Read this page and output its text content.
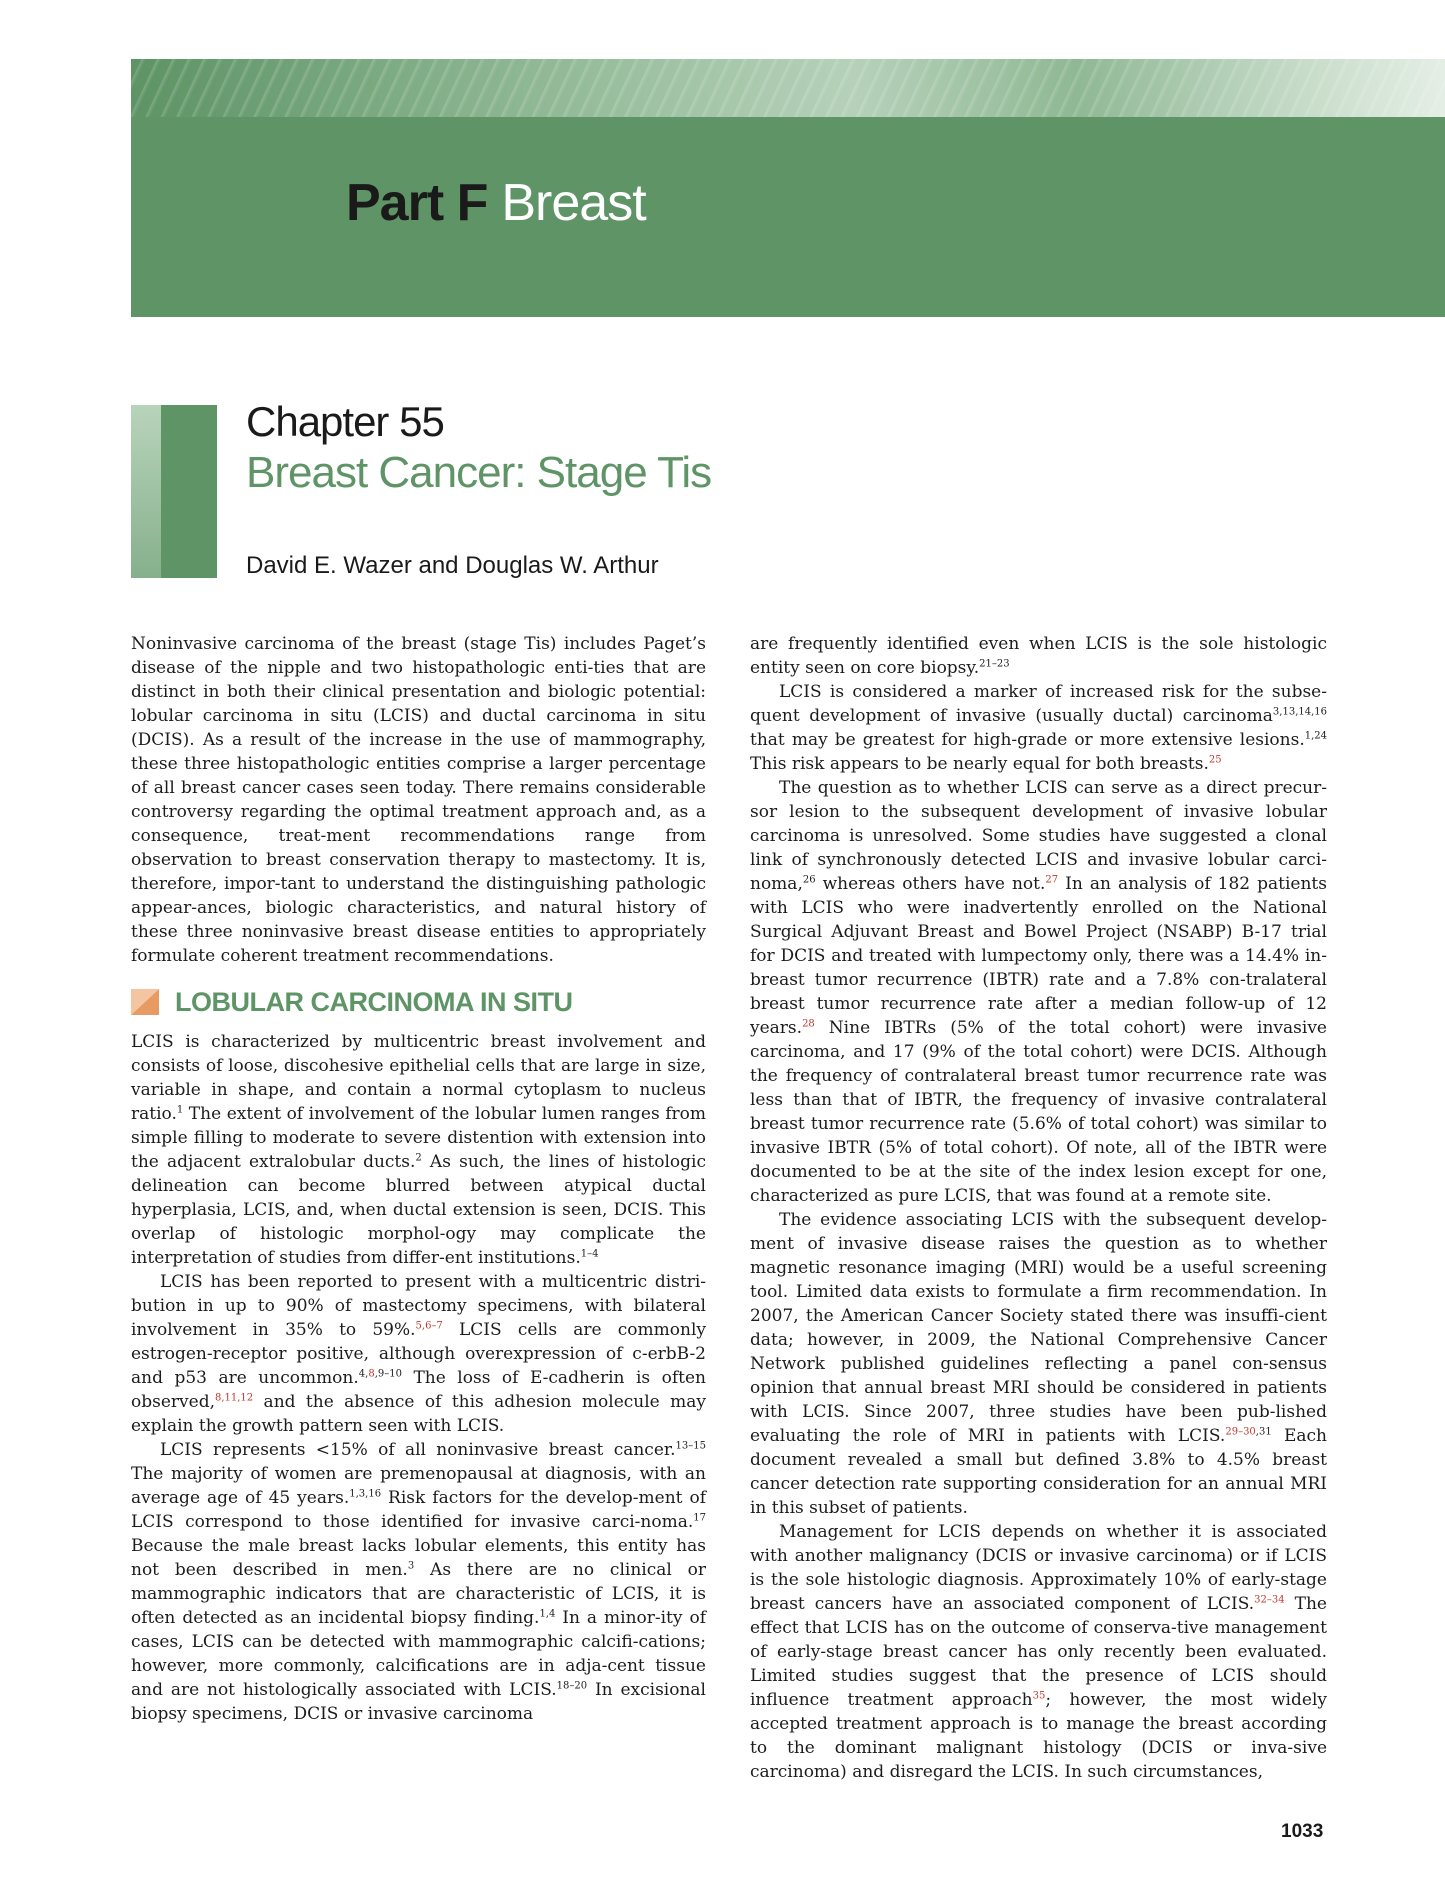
Part F Breast
Chapter 55
Breast Cancer: Stage Tis
David E. Wazer and Douglas W. Arthur

Noninvasive carcinoma of the breast (stage Tis) includes Paget’s disease of the nipple and two histopathologic enti-ties that are distinct in both their clinical presentation and biologic potential: lobular carcinoma in situ (LCIS) and ductal carcinoma in situ (DCIS). As a result of the increase in the use of mammography, these three histopathologic entities comprise a larger percentage of all breast cancer cases seen today. There remains considerable controversy regarding the optimal treatment approach and, as a consequence, treat-ment recommendations range from observation to breast conservation therapy to mastectomy. It is, therefore, impor-tant to understand the distinguishing pathologic appear-ances, biologic characteristics, and natural history of these three noninvasive breast disease entities to appropriately formulate coherent treatment recommendations.

LOBULAR CARCINOMA IN SITU

LCIS is characterized by multicentric breast involvement and consists of loose, discohesive epithelial cells that are large in size, variable in shape, and contain a normal cytoplasm to nucleus ratio.$^1$ The extent of involvement of the lobular lumen ranges from simple filling to moderate to severe distention with extension into the adjacent extralobular ducts.$^2$ As such, the lines of histologic delineation can become blurred between atypical ductal hyperplasia, LCIS, and, when ductal extension is seen, DCIS. This overlap of histologic morphol-ogy may complicate the interpretation of studies from differ-ent institutions.$^{1-4}$

LCIS has been reported to present with a multicentric distri-bution in up to 90% of mastectomy specimens, with bilateral involvement in 35% to 59%.$^{5,6-7}$ LCIS cells are commonly estrogen-receptor positive, although overexpression of c-erbB-2 and p53 are uncommon.$^{4,8,9-10}$ The loss of E-cadherin is often observed,$^{8,11,12}$ and the absence of this adhesion molecule may explain the growth pattern seen with LCIS.

LCIS represents <15% of all noninvasive breast cancer.$^{13-15}$ The majority of women are premenopausal at diagnosis, with an average age of 45 years.$^{1,3,16}$ Risk factors for the develop-ment of LCIS correspond to those identified for invasive carci-noma.$^{17}$ Because the male breast lacks lobular elements, this entity has not been described in men.$^3$ As there are no clinical or mammographic indicators that are characteristic of LCIS, it is often detected as an incidental biopsy finding.$^{1,4}$ In a minor-ity of cases, LCIS can be detected with mammographic calcifi-cations; however, more commonly, calcifications are in adja-cent tissue and are not histologically associated with LCIS.$^{18-20}$ In excisional biopsy specimens, DCIS or invasive carcinoma

are frequently identified even when LCIS is the sole histologic entity seen on core biopsy.$^{21-23}$

LCIS is considered a marker of increased risk for the subse-quent development of invasive (usually ductal) carcinoma$^{3,13,14,16}$ that may be greatest for high-grade or more extensive lesions.$^{1,24}$ This risk appears to be nearly equal for both breasts.$^{25}$

The question as to whether LCIS can serve as a direct precur-sor lesion to the subsequent development of invasive lobular carcinoma is unresolved. Some studies have suggested a clonal link of synchronously detected LCIS and invasive lobular carci-noma,$^{26}$ whereas others have not.$^{27}$ In an analysis of 182 patients with LCIS who were inadvertently enrolled on the National Surgical Adjuvant Breast and Bowel Project (NSABP) B-17 trial for DCIS and treated with lumpectomy only, there was a 14.4% in-breast tumor recurrence (IBTR) rate and a 7.8% con-tralateral breast tumor recurrence rate after a median follow-up of 12 years.$^{28}$ Nine IBTRs (5% of the total cohort) were invasive carcinoma, and 17 (9% of the total cohort) were DCIS. Although the frequency of contralateral breast tumor recurrence rate was less than that of IBTR, the frequency of invasive contralateral breast tumor recurrence rate (5.6% of total cohort) was similar to invasive IBTR (5% of total cohort). Of note, all of the IBTR were documented to be at the site of the index lesion except for one, characterized as pure LCIS, that was found at a remote site.

The evidence associating LCIS with the subsequent develop-ment of invasive disease raises the question as to whether magnetic resonance imaging (MRI) would be a useful screening tool. Limited data exists to formulate a firm recommendation. In 2007, the American Cancer Society stated there was insuffi-cient data; however, in 2009, the National Comprehensive Cancer Network published guidelines reflecting a panel con-sensus opinion that annual breast MRI should be considered in patients with LCIS. Since 2007, three studies have been pub-lished evaluating the role of MRI in patients with LCIS.$^{29-30,31}$ Each document revealed a small but defined 3.8% to 4.5% breast cancer detection rate supporting consideration for an annual MRI in this subset of patients.

Management for LCIS depends on whether it is associated with another malignancy (DCIS or invasive carcinoma) or if LCIS is the sole histologic diagnosis. Approximately 10% of early-stage breast cancers have an associated component of LCIS.$^{32-34}$ The effect that LCIS has on the outcome of conserva-tive management of early-stage breast cancer has only recently been evaluated. Limited studies suggest that the presence of LCIS should influence treatment approach$^{35}$; however, the most widely accepted treatment approach is to manage the breast according to the dominant malignant histology (DCIS or inva-sive carcinoma) and disregard the LCIS. In such circumstances,

1033
